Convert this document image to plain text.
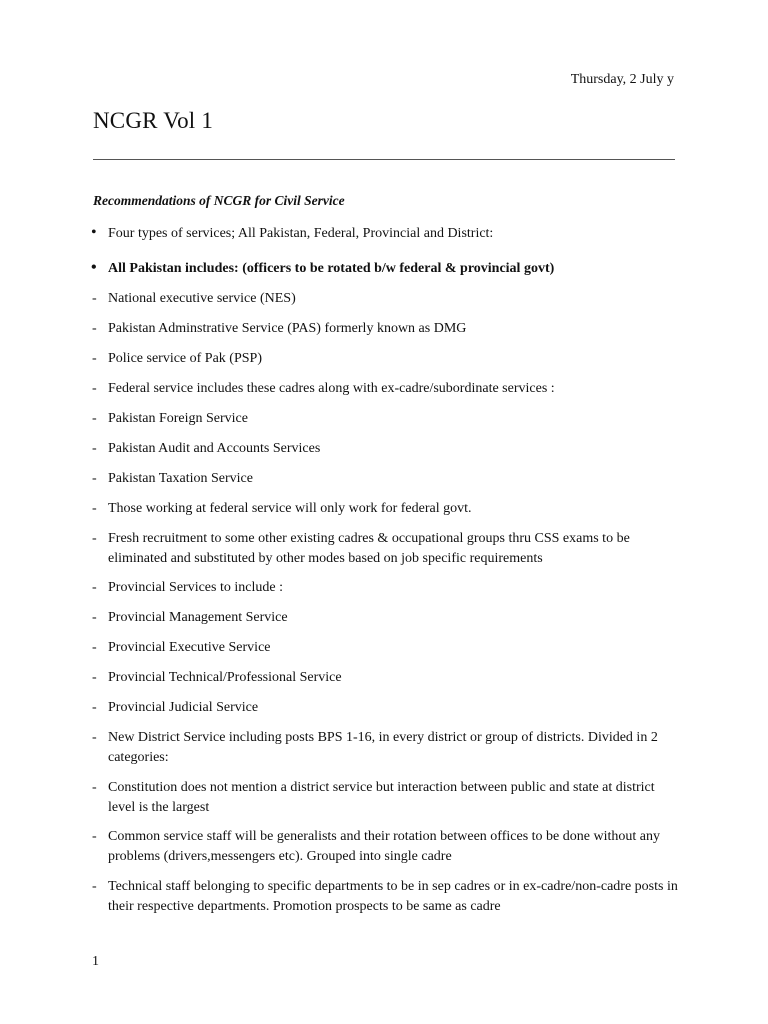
Thursday, 2 July y
NCGR Vol 1
Recommendations of NCGR for Civil Service
• Four types of services; All Pakistan, Federal, Provincial and District:
• All Pakistan includes: (officers to be rotated b/w federal & provincial govt)
- National executive service (NES)
- Pakistan Adminstrative Service (PAS) formerly known as DMG
- Police service of Pak (PSP)
- Federal service includes these cadres along with ex-cadre/subordinate services :
- Pakistan Foreign Service
- Pakistan Audit and Accounts Services
- Pakistan Taxation Service
- Those working at federal service will only work for federal govt.
- Fresh recruitment to some other existing cadres & occupational groups thru CSS exams to be eliminated and substituted by other modes based on job specific requirements
- Provincial Services to include :
- Provincial Management Service
- Provincial Executive Service
- Provincial Technical/Professional Service
- Provincial Judicial Service
- New District Service including posts BPS 1-16, in every district or group of districts. Divided in 2 categories:
- Constitution does not mention a district service but interaction between public and state at district level is the largest
- Common service staff will be generalists and their rotation between offices to be done without any problems (drivers,messengers etc). Grouped into single cadre
- Technical staff belonging to specific departments to be in sep cadres or in ex-cadre/non-cadre posts in their respective departments. Promotion prospects to be same as cadre
1
